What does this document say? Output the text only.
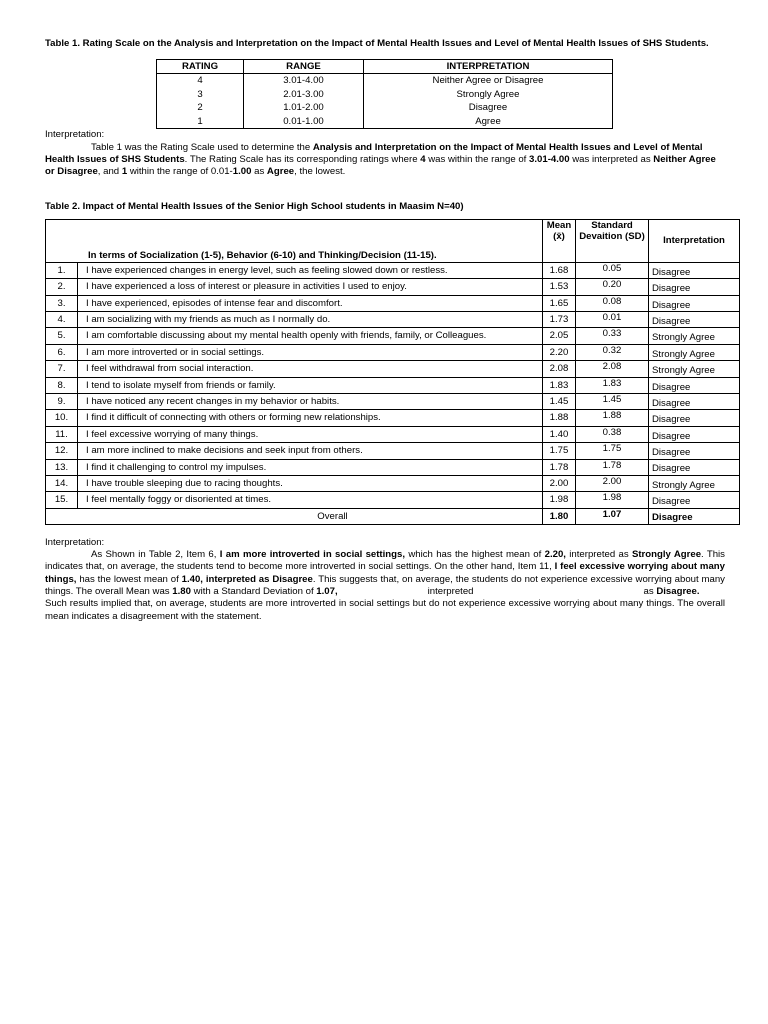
Table 1. Rating Scale on the Analysis and Interpretation on the Impact of Mental Health Issues and Level of Mental Health Issues of SHS Students.

RATING	RANGE	INTERPRETATION
4	3.01-4.00	Neither Agree or Disagree
3	2.01-3.00	Strongly Agree
2	1.01-2.00	Disagree
1	0.01-1.00	Agree

Interpretation:

Table 1 was the Rating Scale used to determine the Analysis and Interpretation on the Impact of Mental Health Issues and Level of Mental Health Issues of SHS Students. The Rating Scale has its corresponding ratings where 4 was within the range of 3.01-4.00 was interpreted as Neither Agree or Disagree, and 1 within the range of 0.01-1.00 as Agree, the lowest.

Table 2. Impact of Mental Health Issues of the Senior High School students in Maasim N=40)

In terms of Socialization (1-5), Behavior (6-10) and Thinking/Decision (11-15).		Mean (x̄)	Standard Devaition (SD)	Interpretation
1.	I have experienced changes in energy level, such as feeling slowed down or restless.	1.68	0.05	Disagree
2.	I have experienced a loss of interest or pleasure in activities I used to enjoy.	1.53	0.20	Disagree
3.	I have experienced, episodes of intense fear and discomfort.	1.65	0.08	Disagree
4.	I am socializing with my friends as much as I normally do.	1.73	0.01	Disagree
5.	I am comfortable discussing about my mental health openly with friends, family, or Colleagues.	2.05	0.33	Strongly Agree
6.	I am more introverted or in social settings.	2.20	0.32	Strongly Agree
7.	I feel withdrawal from social interaction.	2.08	2.08	Strongly Agree
8.	I tend to isolate myself from friends or family.	1.83	1.83	Disagree
9.	I have noticed any recent changes in my behavior or habits.	1.45	1.45	Disagree
10.	I find it difficult of connecting with others or forming new relationships.	1.88	1.88	Disagree
11.	I feel excessive worrying of many things.	1.40	0.38	Disagree
12.	I am more inclined to make decisions and seek input from others.	1.75	1.75	Disagree
13.	I find it challenging to control my impulses.	1.78	1.78	Disagree
14.	I have trouble sleeping due to racing thoughts.	2.00	2.00	Strongly Agree
15.	I feel mentally foggy or disoriented at times.	1.98	1.98	Disagree
Overall		1.80	1.07	Disagree

Interpretation:

As Shown in Table 2, Item 6, I am more introverted in social settings, which has the highest mean of 2.20, interpreted as Strongly Agree. This indicates that, on average, the students tend to become more introverted in social settings. On the other hand, Item 11, I feel excessive worrying about many things, has the lowest mean of 1.40, interpreted as Disagree. This suggests that, on average, the students do not experience excessive worrying about many things. The overall Mean was 1.80 with a Standard Deviation of 1.07,	interpreted	as Disagree.

Such results implied that, on average, students are more introverted in social settings but do not experience excessive worrying about many things. The overall mean indicates a disagreement with the statement.
